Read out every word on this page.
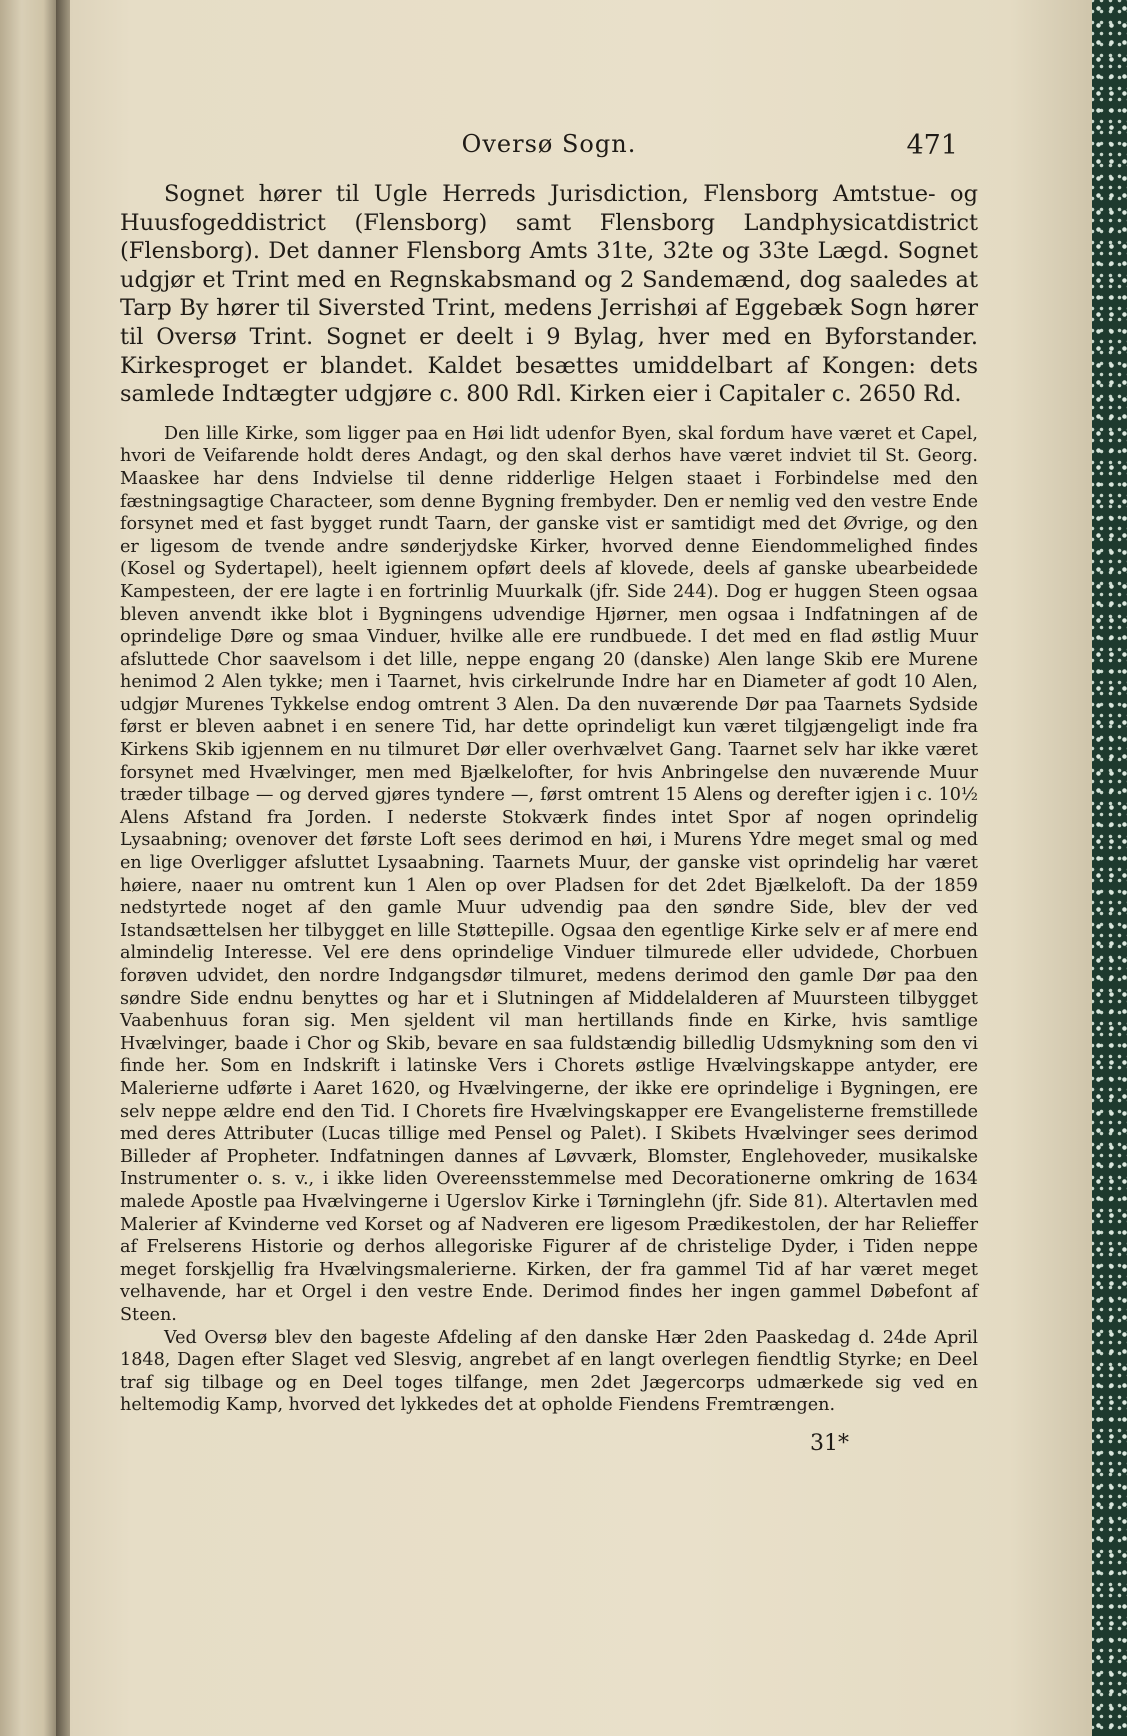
Oversø Sogn.	471

Sognet hører til Ugle Herreds Jurisdiction, Flensborg Amtstue- og Huusfogeddistrict (Flensborg) samt Flensborg Landphysicatdistrict (Flensborg). Det danner Flensborg Amts 31te, 32te og 33te Lægd. Sognet udgjør et Trint med en Regnskabsmand og 2 Sandemænd, dog saaledes at Tarp By hører til Siversted Trint, medens Jerrishøi af Eggebæk Sogn hører til Oversø Trint. Sognet er deelt i 9 Bylag, hver med en Byforstander. Kirkesproget er blandet. Kaldet besættes umiddelbart af Kongen: dets samlede Indtægter udgjøre c. 800 Rdl. Kirken eier i Capitaler c. 2650 Rd.

Den lille Kirke, som ligger paa en Høi lidt udenfor Byen, skal fordum have været et Capel, hvori de Veifarende holdt deres Andagt, og den skal derhos have været indviet til St. Georg. Maaskee har dens Indvielse til denne ridderlige Helgen staaet i Forbindelse med den fæstningsagtige Characteer, som denne Bygning frembyder. Den er nemlig ved den vestre Ende forsynet med et fast bygget rundt Taarn, der ganske vist er samtidigt med det Øvrige, og den er ligesom de tvende andre sønderjydske Kirker, hvorved denne Eiendommelighed findes (Kosel og Sydertapel), heelt igiennem opført deels af klovede, deels af ganske ubearbeidede Kampesteen, der ere lagte i en fortrinlig Muurkalk (jfr. Side 244). Dog er huggen Steen ogsaa bleven anvendt ikke blot i Bygningens udvendige Hjørner, men ogsaa i Indfatningen af de oprindelige Døre og smaa Vinduer, hvilke alle ere rundbuede. I det med en flad østlig Muur afsluttede Chor saavelsom i det lille, neppe engang 20 (danske) Alen lange Skib ere Murene henimod 2 Alen tykke; men i Taarnet, hvis cirkelrunde Indre har en Diameter af godt 10 Alen, udgjør Murenes Tykkelse endog omtrent 3 Alen. Da den nuværende Dør paa Taarnets Sydside først er bleven aabnet i en senere Tid, har dette oprindeligt kun været tilgjængeligt inde fra Kirkens Skib igjennem en nu tilmuret Dør eller overhvælvet Gang. Taarnet selv har ikke været forsynet med Hvælvinger, men med Bjælkelofter, for hvis Anbringelse den nuværende Muur træder tilbage — og derved gjøres tyndere —, først omtrent 15 Alens og derefter igjen i c. 10½ Alens Afstand fra Jorden. I nederste Stokværk findes intet Spor af nogen oprindelig Lysaabning; ovenover det første Loft sees derimod en høi, i Murens Ydre meget smal og med en lige Overligger afsluttet Lysaabning. Taarnets Muur, der ganske vist oprindelig har været høiere, naaer nu omtrent kun 1 Alen op over Pladsen for det 2det Bjælkeloft. Da der 1859 nedstyrtede noget af den gamle Muur udvendig paa den søndre Side, blev der ved Istandsættelsen her tilbygget en lille Støttepille. Ogsaa den egentlige Kirke selv er af mere end almindelig Interesse. Vel ere dens oprindelige Vinduer tilmurede eller udvidede, Chorbuen forøven udvidet, den nordre Indgangsdør tilmuret, medens derimod den gamle Dør paa den søndre Side endnu benyttes og har et i Slutningen af Middelalderen af Muursteen tilbygget Vaabenhuus foran sig. Men sjeldent vil man hertillands finde en Kirke, hvis samtlige Hvælvinger, baade i Chor og Skib, bevare en saa fuldstændig billedlig Udsmykning som den vi finde her. Som en Indskrift i latinske Vers i Chorets østlige Hvælvingskappe antyder, ere Malerierne udførte i Aaret 1620, og Hvælvingerne, der ikke ere oprindelige i Bygningen, ere selv neppe ældre end den Tid. I Chorets fire Hvælvingskapper ere Evangelisterne fremstillede med deres Attributer (Lucas tillige med Pensel og Palet). I Skibets Hvælvinger sees derimod Billeder af Propheter. Indfatningen dannes af Løvværk, Blomster, Englehoveder, musikalske Instrumenter o. s. v., i ikke liden Overeensstemmelse med Decorationerne omkring de 1634 malede Apostle paa Hvælvingerne i Ugerslov Kirke i Tørninglehn (jfr. Side 81). Altertavlen med Malerier af Kvinderne ved Korset og af Nadveren ere ligesom Prædikestolen, der har Relieffer af Frelserens Historie og derhos allegoriske Figurer af de christelige Dyder, i Tiden neppe meget forskjellig fra Hvælvingsmalerierne. Kirken, der fra gammel Tid af har været meget velhavende, har et Orgel i den vestre Ende. Derimod findes her ingen gammel Døbefont af Steen.

Ved Oversø blev den bageste Afdeling af den danske Hær 2den Paaskedag d. 24de April 1848, Dagen efter Slaget ved Slesvig, angrebet af en langt overlegen fiendtlig Styrke; en Deel traf sig tilbage og en Deel toges tilfange, men 2det Jægercorps udmærkede sig ved en heltemodig Kamp, hvorved det lykkedes det at opholde Fiendens Fremtrængen.

31*
